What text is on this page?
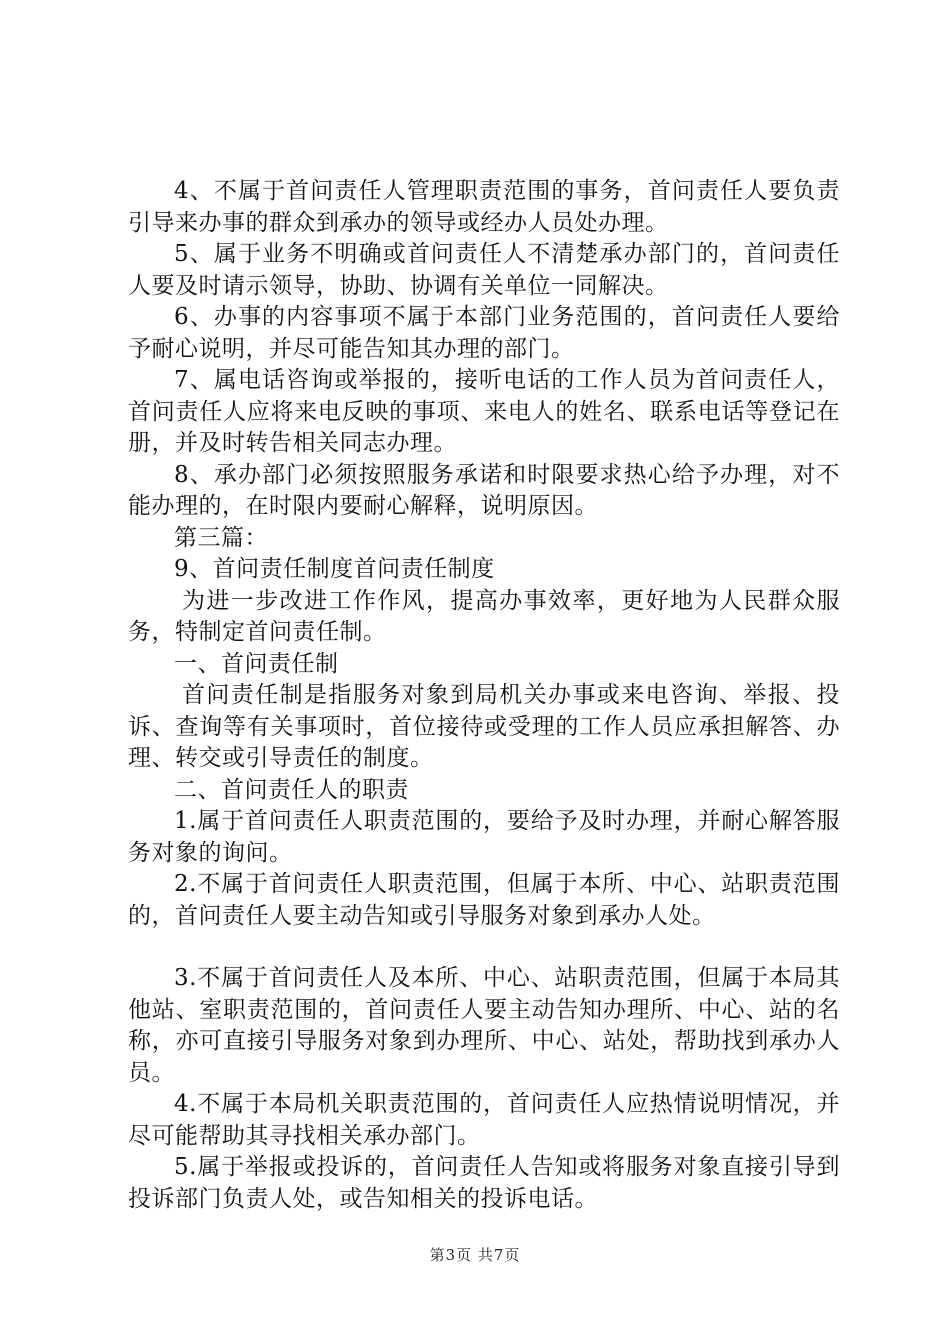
4、不属于首问责任人管理职责范围的事务，首问责任人要负责引导来办事的群众到承办的领导或经办人员处办理。

5、属于业务不明确或首问责任人不清楚承办部门的，首问责任人要及时请示领导，协助、协调有关单位一同解决。

6、办事的内容事项不属于本部门业务范围的，首问责任人要给予耐心说明，并尽可能告知其办理的部门。

7、属电话咨询或举报的，接听电话的工作人员为首问责任人，首问责任人应将来电反映的事项、来电人的姓名、联系电话等登记在册，并及时转告相关同志办理。

8、承办部门必须按照服务承诺和时限要求热心给予办理，对不能办理的，在时限内要耐心解释，说明原因。

第三篇：

9、首问责任制度首问责任制度

为进一步改进工作作风，提高办事效率，更好地为人民群众服务，特制定首问责任制。

一、首问责任制

首问责任制是指服务对象到局机关办事或来电咨询、举报、投诉、查询等有关事项时，首位接待或受理的工作人员应承担解答、办理、转交或引导责任的制度。

二、首问责任人的职责

1.属于首问责任人职责范围的，要给予及时办理，并耐心解答服务对象的询问。

2.不属于首问责任人职责范围，但属于本所、中心、站职责范围的，首问责任人要主动告知或引导服务对象到承办人处。

3.不属于首问责任人及本所、中心、站职责范围，但属于本局其他站、室职责范围的，首问责任人要主动告知办理所、中心、站的名称，亦可直接引导服务对象到办理所、中心、站处，帮助找到承办人员。

4.不属于本局机关职责范围的，首问责任人应热情说明情况，并尽可能帮助其寻找相关承办部门。

5.属于举报或投诉的，首问责任人告知或将服务对象直接引导到投诉部门负责人处，或告知相关的投诉电话。

第3页 共7页
